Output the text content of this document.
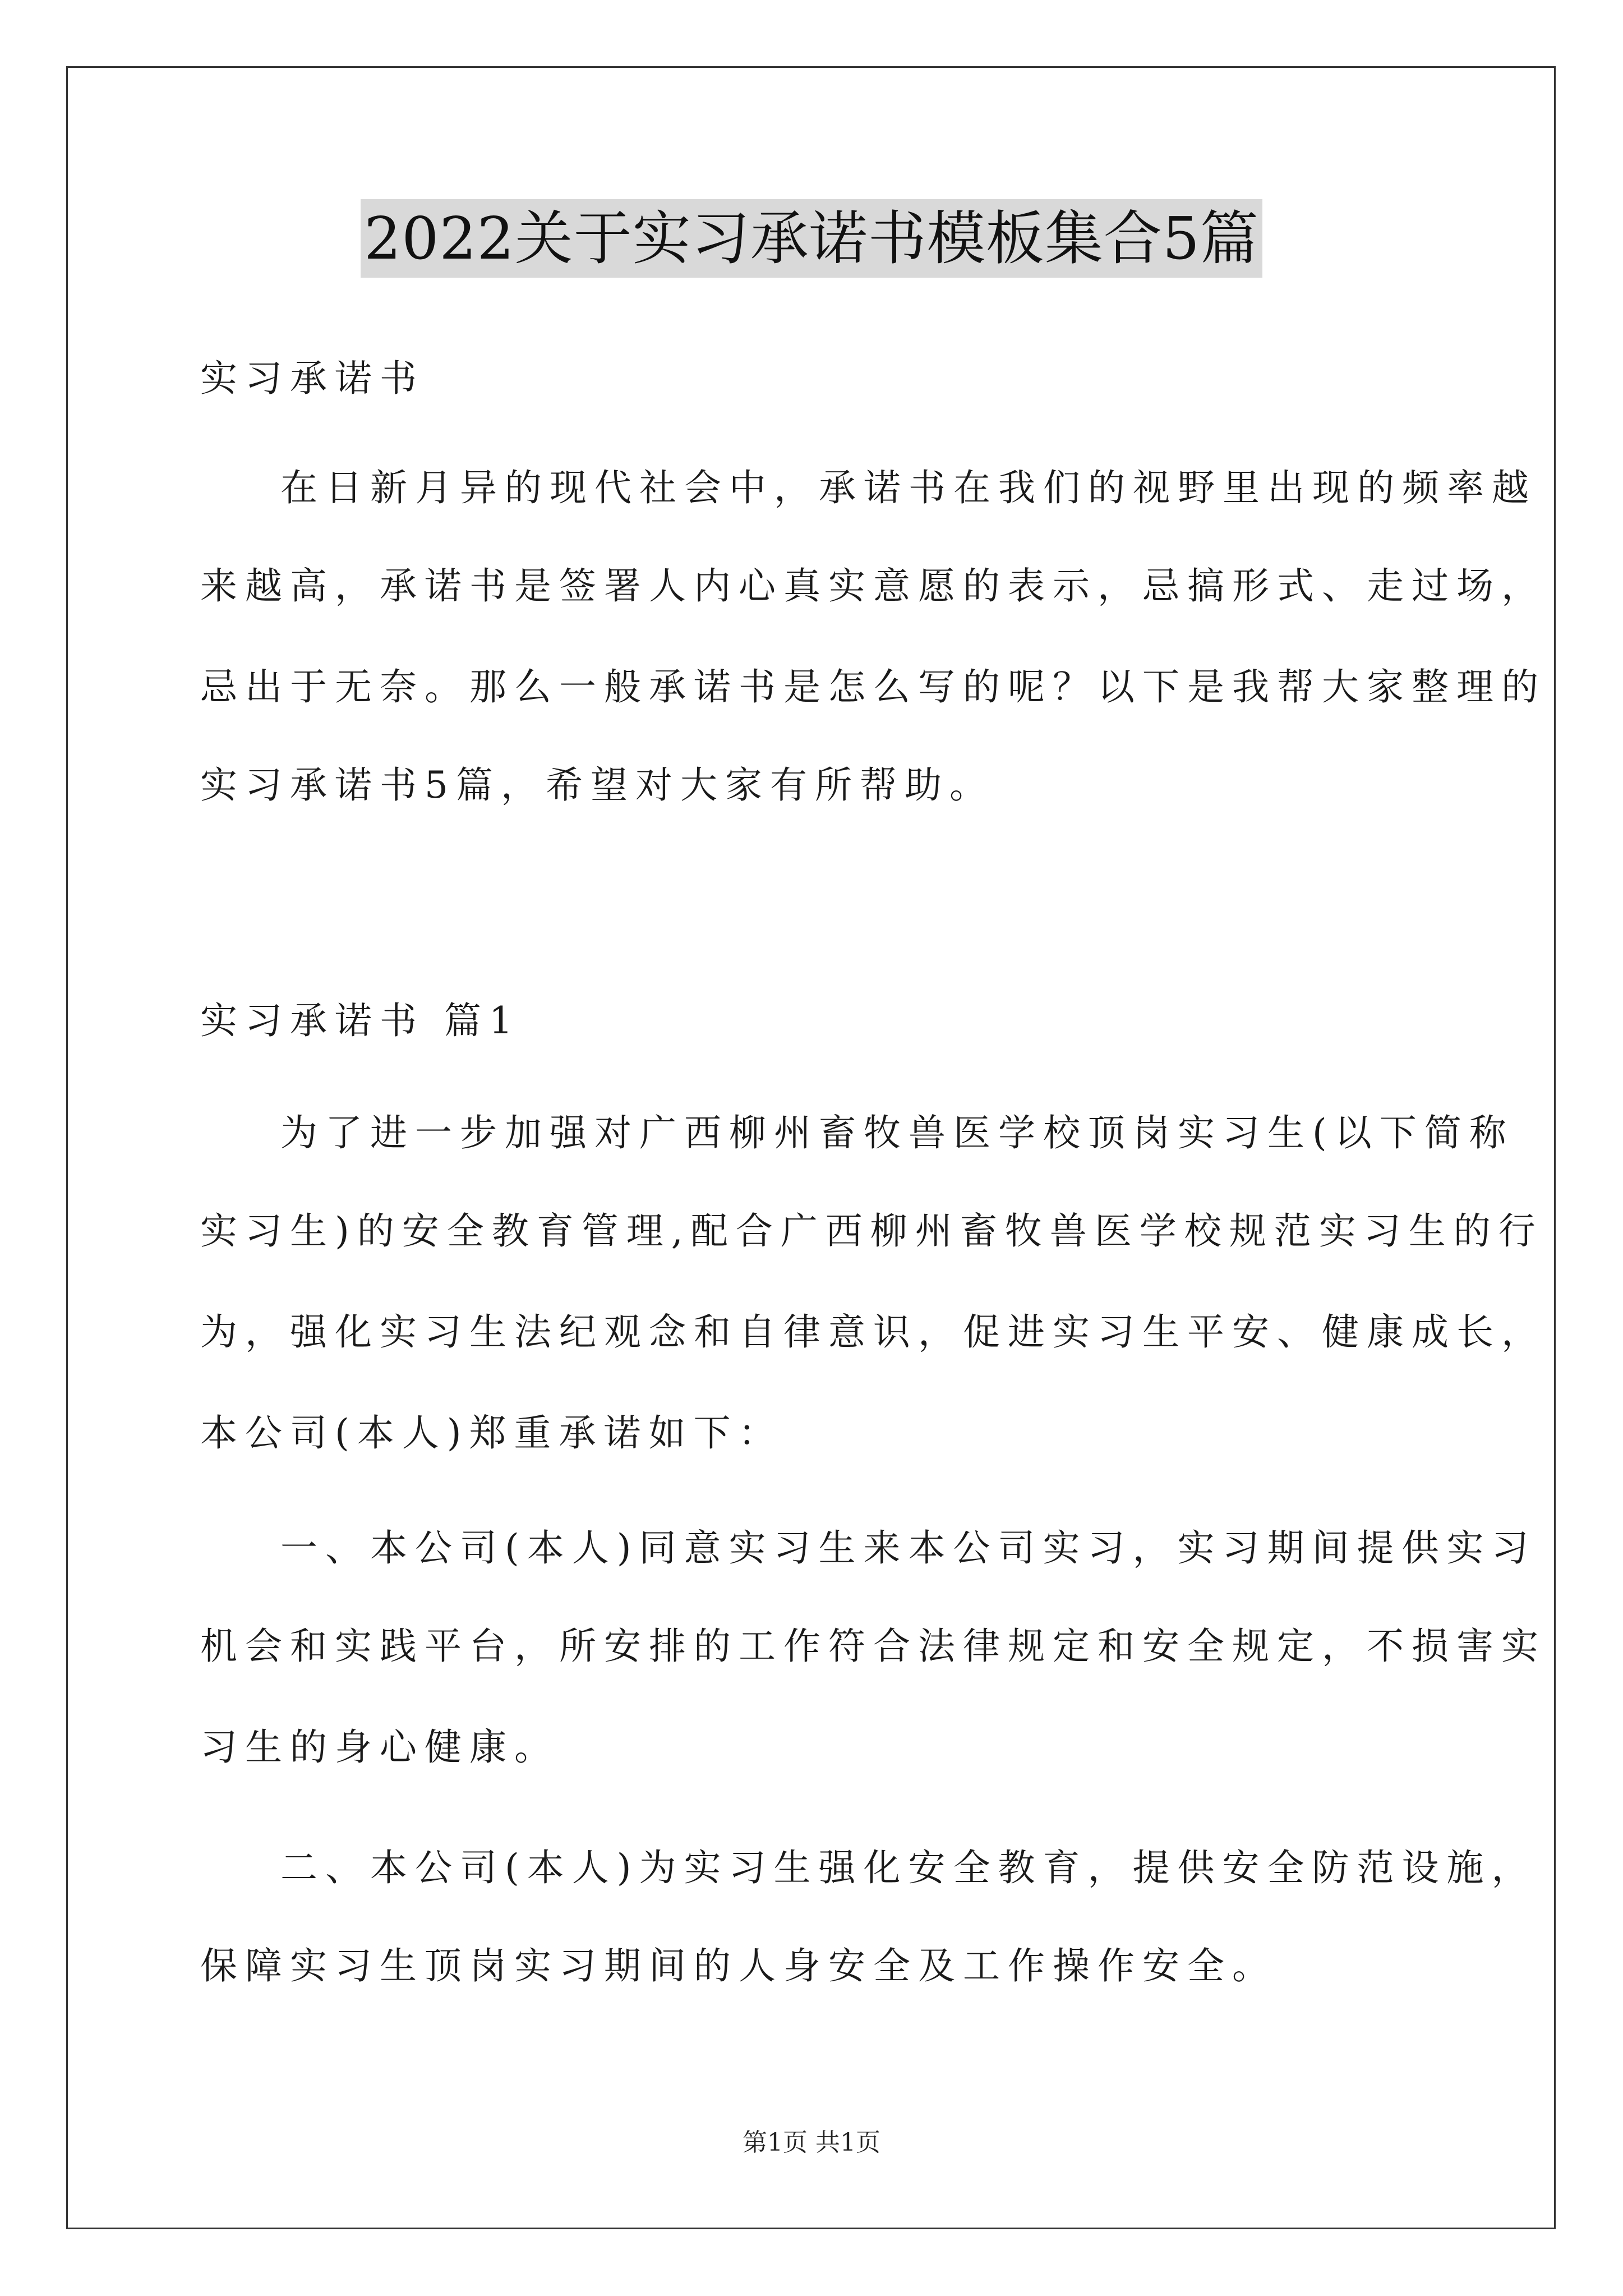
2022关于实习承诺书模板集合5篇
实习承诺书
在日新月异的现代社会中，承诺书在我们的视野里出现的频率越
来越高，承诺书是签署人内心真实意愿的表示，忌搞形式、走过场，
忌出于无奈。那么一般承诺书是怎么写的呢？以下是我帮大家整理的
实习承诺书5篇，希望对大家有所帮助。
实习承诺书 篇1
为了进一步加强对广西柳州畜牧兽医学校顶岗实习生(以下简称
实习生)的安全教育管理,配合广西柳州畜牧兽医学校规范实习生的行
为，强化实习生法纪观念和自律意识，促进实习生平安、健康成长，
本公司(本人)郑重承诺如下：
一、本公司(本人)同意实习生来本公司实习，实习期间提供实习
机会和实践平台，所安排的工作符合法律规定和安全规定，不损害实
习生的身心健康。
二、本公司(本人)为实习生强化安全教育，提供安全防范设施，
保障实习生顶岗实习期间的人身安全及工作操作安全。
第1页 共1页
